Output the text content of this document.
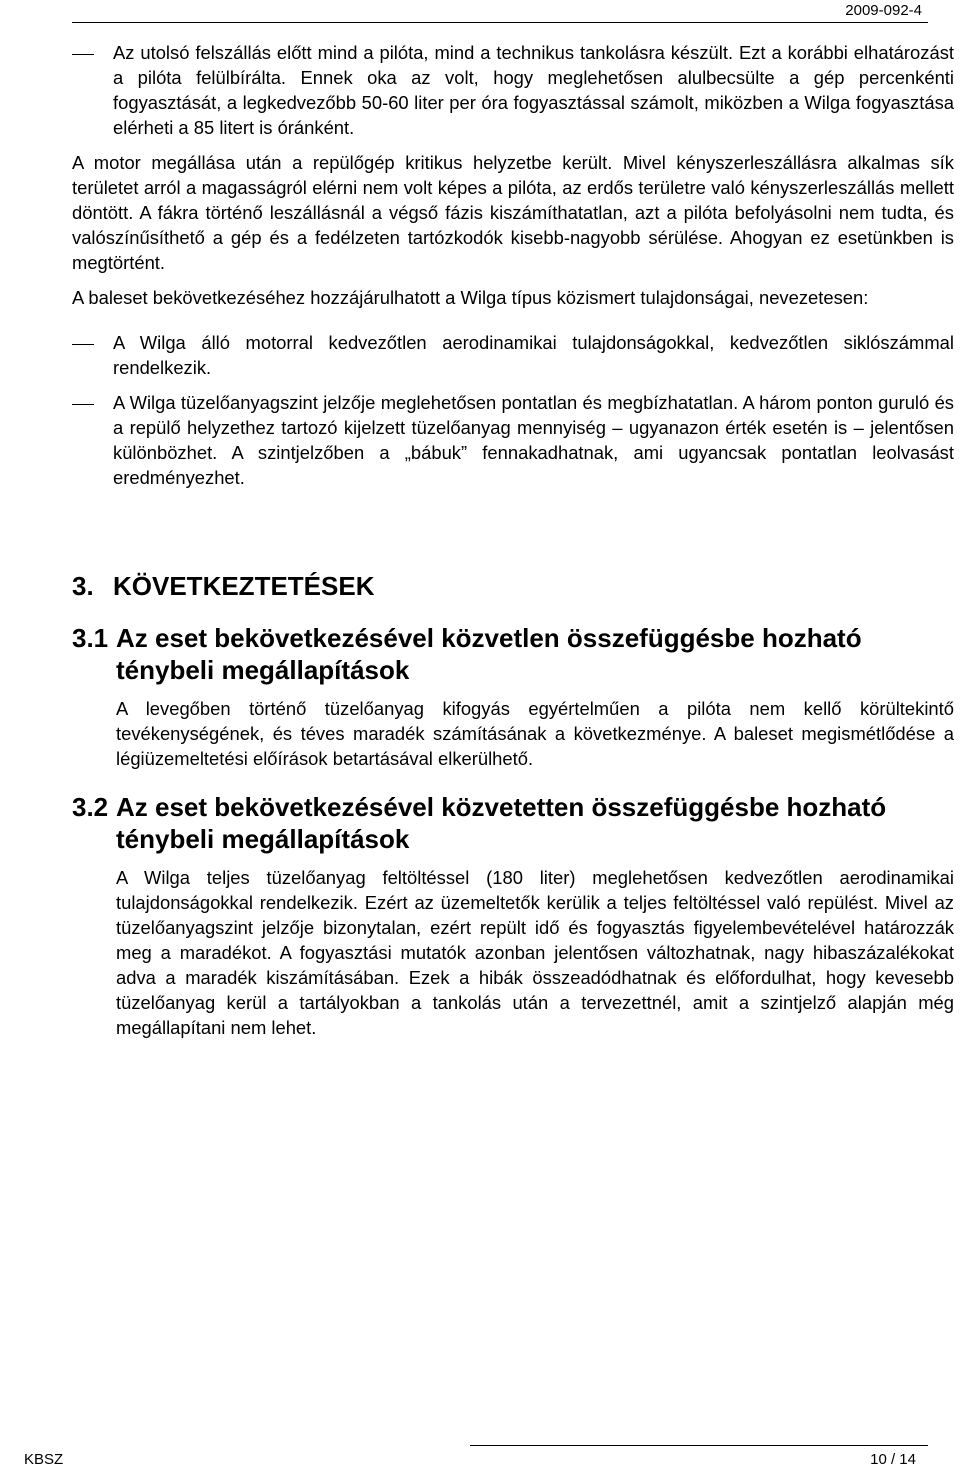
2009-092-4
Az utolsó felszállás előtt mind a pilóta, mind a technikus tankolásra készült. Ezt a korábbi elhatározást a pilóta felülbírálta. Ennek oka az volt, hogy meglehetősen alulbecsülte a gép percenkénti fogyasztását, a legkedvezőbb 50-60 liter per óra fogyasztással számolt, miközben a Wilga fogyasztása elérheti a 85 litert is óránként.

A motor megállása után a repülőgép kritikus helyzetbe került. Mivel kényszerleszállásra alkalmas sík területet arról a magasságról elérni nem volt képes a pilóta, az erdős területre való kényszerleszállás mellett döntött. A fákra történő leszállásnál a végső fázis kiszámíthatatlan, azt a pilóta befolyásolni nem tudta, és valószínűsíthető a gép és a fedélzeten tartózkodók kisebb-nagyobb sérülése. Ahogyan ez esetünkben is megtörtént.

A baleset bekövetkezéséhez hozzájárulhatott a Wilga típus közismert tulajdonságai, nevezetesen:

A Wilga álló motorral kedvezőtlen aerodinamikai tulajdonságokkal, kedvezőtlen siklószámmal rendelkezik.
A Wilga tüzelőanyagszint jelzője meglehetősen pontatlan és megbízhatatlan. A három ponton guruló és a repülő helyzethez tartozó kijelzett tüzelőanyag mennyiség – ugyanazon érték esetén is – jelentősen különbözhet. A szintjelzőben a „bábuk” fennakadhatnak, ami ugyancsak pontatlan leolvasást eredményezhet.
3. KÖVETKEZTETÉSEK
3.1 Az eset bekövetkezésével közvetlen összefüggésbe hozható ténybeli megállapítások

A levegőben történő tüzelőanyag kifogyás egyértelműen a pilóta nem kellő körültekintő tevékenységének, és téves maradék számításának a következménye. A baleset megismétlődése a légiüzemeltetési előírások betartásával elkerülhető.

3.2 Az eset bekövetkezésével közvetetten összefüggésbe hozható ténybeli megállapítások

A Wilga teljes tüzelőanyag feltöltéssel (180 liter) meglehetősen kedvezőtlen aerodinamikai tulajdonságokkal rendelkezik. Ezért az üzemeltetők kerülik a teljes feltöltéssel való repülést. Mivel az tüzelőanyagszint jelzője bizonytalan, ezért repült idő és fogyasztás figyelembevételével határozzák meg a maradékot. A fogyasztási mutatók azonban jelentősen változhatnak, nagy hibaszázalékokat adva a maradék kiszámításában. Ezek a hibák összeadódhatnak és előfordulhat, hogy kevesebb tüzelőanyag kerül a tartályokban a tankolás után a tervezettnél, amit a szintjelző alapján még megállapítani nem lehet.

KBSZ	10 / 14
